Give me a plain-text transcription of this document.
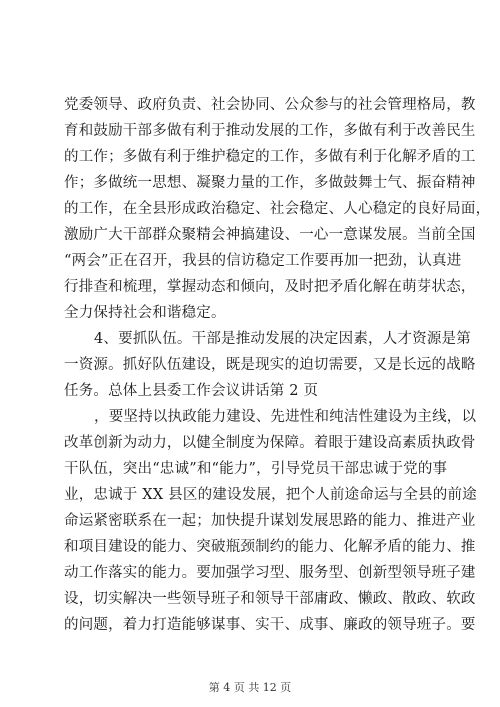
党委领导、政府负责、社会协同、公众参与的社会管理格局，教
育和鼓励干部多做有利于推动发展的工作，多做有利于改善民生
的工作；多做有利于维护稳定的工作，多做有利于化解矛盾的工
作；多做统一思想、凝聚力量的工作，多做鼓舞士气、振奋精神
的工作，在全县形成政治稳定、社会稳定、人心稳定的良好局面，
激励广大干部群众聚精会神搞建设、一心一意谋发展。当前全国
“两会”正在召开，我县的信访稳定工作要再加一把劲，认真进
行排查和梳理，掌握动态和倾向，及时把矛盾化解在萌芽状态，
全力保持社会和谐稳定。
4、要抓队伍。干部是推动发展的决定因素，人才资源是第
一资源。抓好队伍建设，既是现实的迫切需要，又是长远的战略
任务。总体上县委工作会议讲话第 2 页
，要坚持以执政能力建设、先进性和纯洁性建设为主线，以
改革创新为动力，以健全制度为保障。着眼于建设高素质执政骨
干队伍，突出“忠诚”和“能力”，引导党员干部忠诚于党的事
业，忠诚于 XX 县区的建设发展，把个人前途命运与全县的前途
命运紧密联系在一起；加快提升谋划发展思路的能力、推进产业
和项目建设的能力、突破瓶颈制约的能力、化解矛盾的能力、推
动工作落实的能力。要加强学习型、服务型、创新型领导班子建
设，切实解决一些领导班子和领导干部庸政、懒政、散政、软政
的问题，着力打造能够谋事、实干、成事、廉政的领导班子。要
第 4 页 共 12 页
